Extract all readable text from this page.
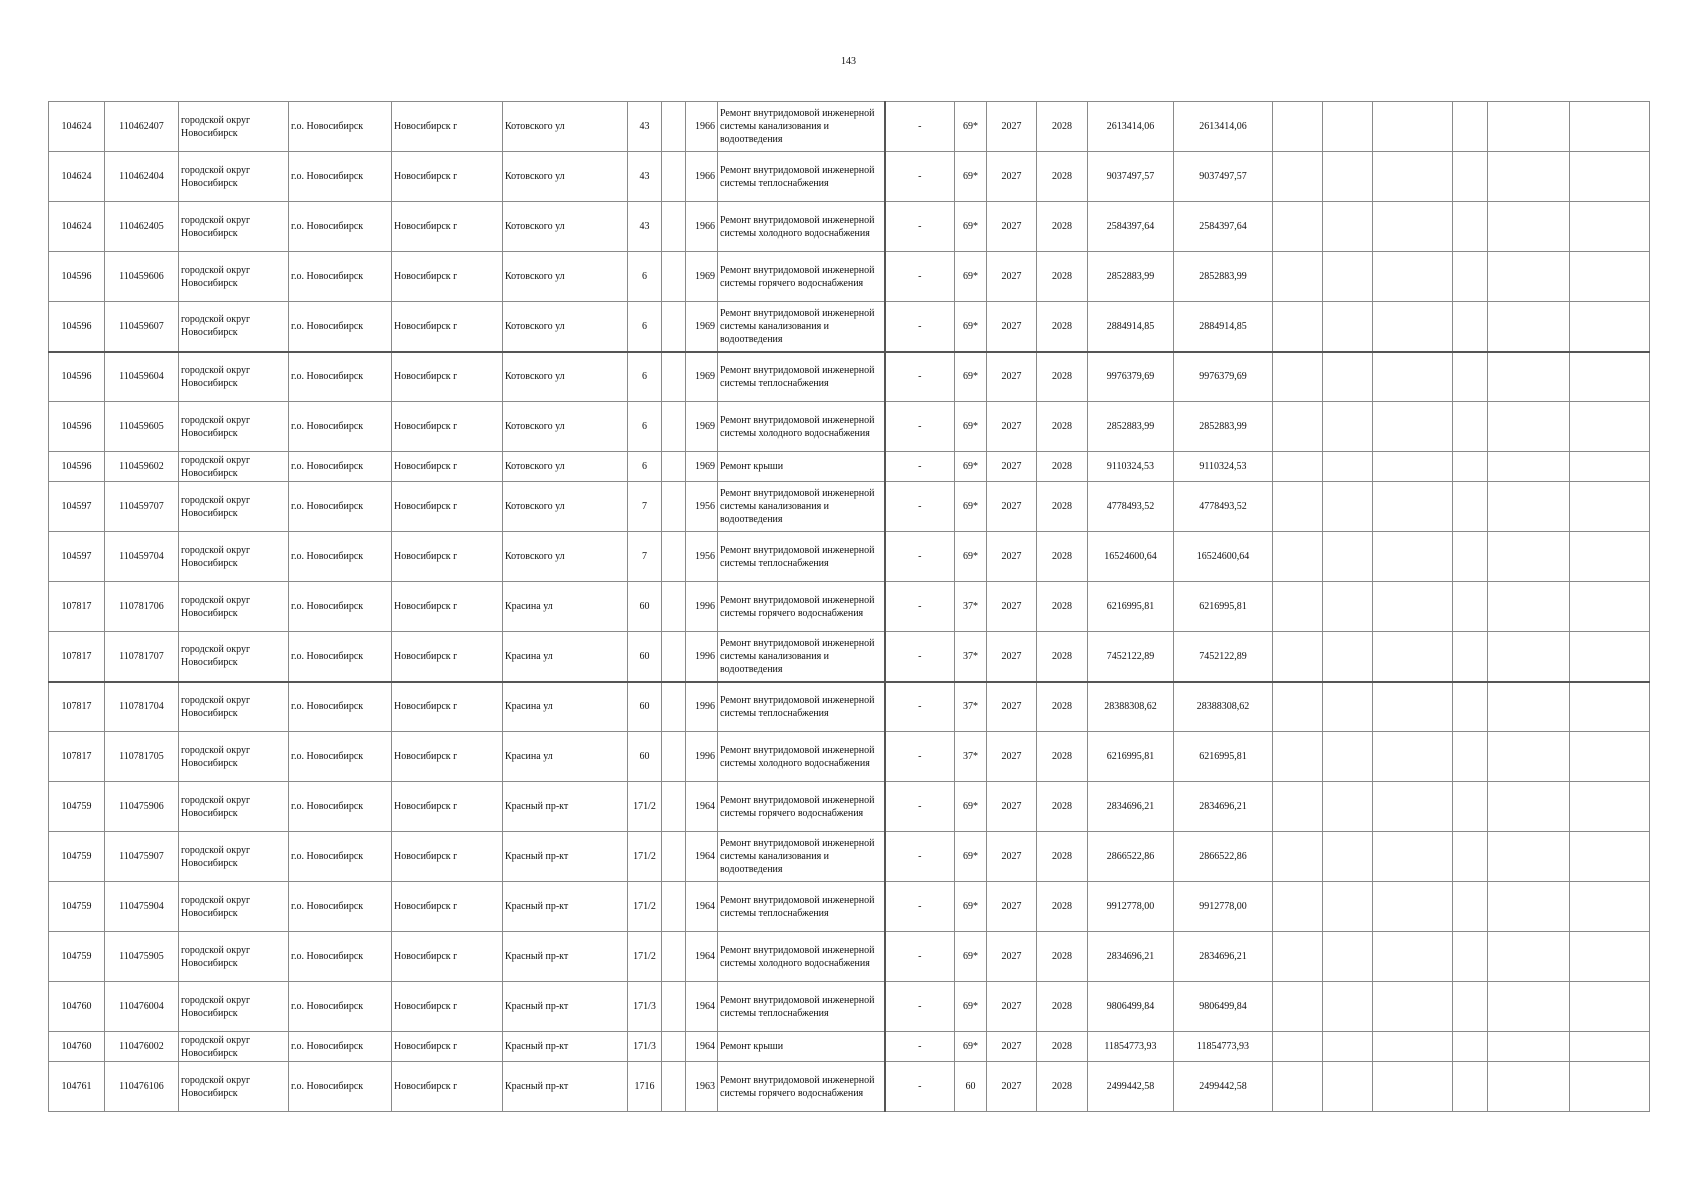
143
104624	110462407	городской округ Новосибирск	г.о. Новосибирск	Новосибирск г	Котовского ул	43		1966	Ремонт внутридомовой инженерной системы канализования и водоотведения	-	69*	2027	2028	2613414,06	2613414,06						
104624	110462404	городской округ Новосибирск	г.о. Новосибирск	Новосибирск г	Котовского ул	43		1966	Ремонт внутридомовой инженерной системы теплоснабжения	-	69*	2027	2028	9037497,57	9037497,57						
104624	110462405	городской округ Новосибирск	г.о. Новосибирск	Новосибирск г	Котовского ул	43		1966	Ремонт внутридомовой инженерной системы холодного водоснабжения	-	69*	2027	2028	2584397,64	2584397,64						
104596	110459606	городской округ Новосибирск	г.о. Новосибирск	Новосибирск г	Котовского ул	6		1969	Ремонт внутридомовой инженерной системы горячего водоснабжения	-	69*	2027	2028	2852883,99	2852883,99						
104596	110459607	городской округ Новосибирск	г.о. Новосибирск	Новосибирск г	Котовского ул	6		1969	Ремонт внутридомовой инженерной системы канализования и водоотведения	-	69*	2027	2028	2884914,85	2884914,85						
104596	110459604	городской округ Новосибирск	г.о. Новосибирск	Новосибирск г	Котовского ул	6		1969	Ремонт внутридомовой инженерной системы теплоснабжения	-	69*	2027	2028	9976379,69	9976379,69						
104596	110459605	городской округ Новосибирск	г.о. Новосибирск	Новосибирск г	Котовского ул	6		1969	Ремонт внутридомовой инженерной системы холодного водоснабжения	-	69*	2027	2028	2852883,99	2852883,99						
104596	110459602	городской округ Новосибирск	г.о. Новосибирск	Новосибирск г	Котовского ул	6		1969	Ремонт крыши	-	69*	2027	2028	9110324,53	9110324,53						
104597	110459707	городской округ Новосибирск	г.о. Новосибирск	Новосибирск г	Котовского ул	7		1956	Ремонт внутридомовой инженерной системы канализования и водоотведения	-	69*	2027	2028	4778493,52	4778493,52						
104597	110459704	городской округ Новосибирск	г.о. Новосибирск	Новосибирск г	Котовского ул	7		1956	Ремонт внутридомовой инженерной системы теплоснабжения	-	69*	2027	2028	16524600,64	16524600,64						
107817	110781706	городской округ Новосибирск	г.о. Новосибирск	Новосибирск г	Красина ул	60		1996	Ремонт внутридомовой инженерной системы горячего водоснабжения	-	37*	2027	2028	6216995,81	6216995,81						
107817	110781707	городской округ Новосибирск	г.о. Новосибирск	Новосибирск г	Красина ул	60		1996	Ремонт внутридомовой инженерной системы канализования и водоотведения	-	37*	2027	2028	7452122,89	7452122,89						
107817	110781704	городской округ Новосибирск	г.о. Новосибирск	Новосибирск г	Красина ул	60		1996	Ремонт внутридомовой инженерной системы теплоснабжения	-	37*	2027	2028	28388308,62	28388308,62						
107817	110781705	городской округ Новосибирск	г.о. Новосибирск	Новосибирск г	Красина ул	60		1996	Ремонт внутридомовой инженерной системы холодного водоснабжения	-	37*	2027	2028	6216995,81	6216995,81						
104759	110475906	городской округ Новосибирск	г.о. Новосибирск	Новосибирск г	Красный пр-кт	171/2		1964	Ремонт внутридомовой инженерной системы горячего водоснабжения	-	69*	2027	2028	2834696,21	2834696,21						
104759	110475907	городской округ Новосибирск	г.о. Новосибирск	Новосибирск г	Красный пр-кт	171/2		1964	Ремонт внутридомовой инженерной системы канализования и водоотведения	-	69*	2027	2028	2866522,86	2866522,86						
104759	110475904	городской округ Новосибирск	г.о. Новосибирск	Новосибирск г	Красный пр-кт	171/2		1964	Ремонт внутридомовой инженерной системы теплоснабжения	-	69*	2027	2028	9912778,00	9912778,00						
104759	110475905	городской округ Новосибирск	г.о. Новосибирск	Новосибирск г	Красный пр-кт	171/2		1964	Ремонт внутридомовой инженерной системы холодного водоснабжения	-	69*	2027	2028	2834696,21	2834696,21						
104760	110476004	городской округ Новосибирск	г.о. Новосибирск	Новосибирск г	Красный пр-кт	171/3		1964	Ремонт внутридомовой инженерной системы теплоснабжения	-	69*	2027	2028	9806499,84	9806499,84						
104760	110476002	городской округ Новосибирск	г.о. Новосибирск	Новосибирск г	Красный пр-кт	171/3		1964	Ремонт крыши	-	69*	2027	2028	11854773,93	11854773,93						
104761	110476106	городской округ Новосибирск	г.о. Новосибирск	Новосибирск г	Красный пр-кт	1716		1963	Ремонт внутридомовой инженерной системы горячего водоснабжения	-	60	2027	2028	2499442,58	2499442,58						
